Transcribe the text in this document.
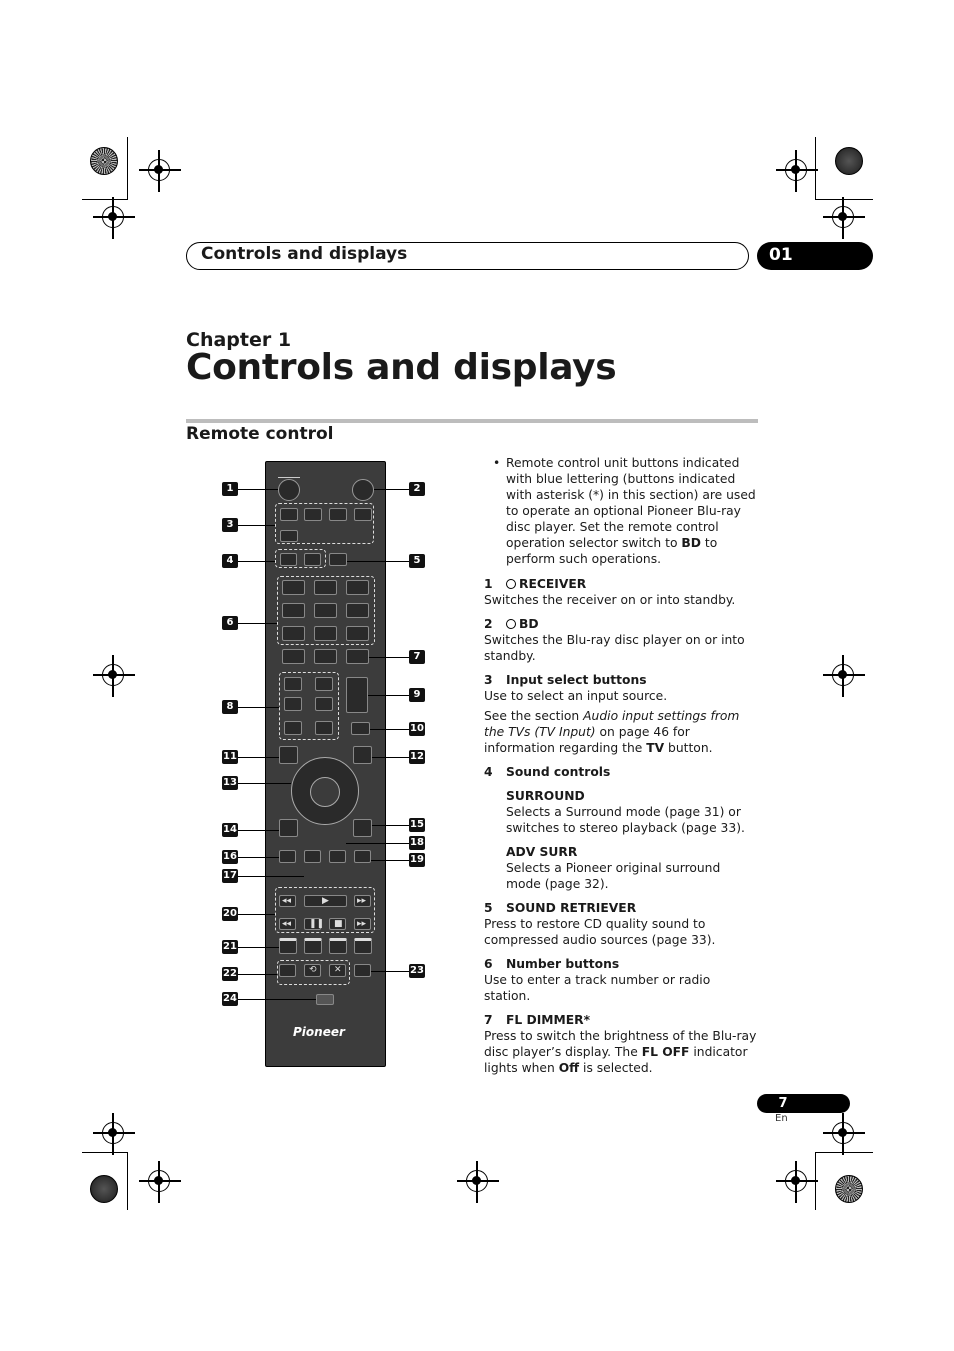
Controls and displays	01
Chapter 1
Controls and displays
Remote control
◂◂	▶	▸▸
◂◂ ❚❚ ■ ▸▸
⟲ ✕
Pioneer
1	2
3
4	5
6
7
8
9
10
11	12
13
14	15
16
17
18
19
20
21
22	23
24

• Remote control unit buttons indicated with blue lettering (buttons indicated with asterisk (*) in this section) are used to operate an optional Pioneer Blu-ray disc player. Set the remote control operation selector switch to BD to perform such operations.

1 RECEIVER

Switches the receiver on or into standby.

2 BD

Switches the Blu-ray disc player on or into standby.

3 Input select buttons

Use to select an input source.

See the section Audio input settings from the TVs (TV Input) on page 46 for information regarding the TV button.

4 Sound controls

SURROUND

Selects a Surround mode (page 31) or switches to stereo playback (page 33).

ADV SURR

Selects a Pioneer original surround mode (page 32).

5 SOUND RETRIEVER

Press to restore CD quality sound to compressed audio sources (page 33).

6 Number buttons

Use to enter a track number or radio station.

7 FL DIMMER*

Press to switch the brightness of the Blu-ray disc player’s display. The FL OFF indicator lights when Off is selected.

7
En
